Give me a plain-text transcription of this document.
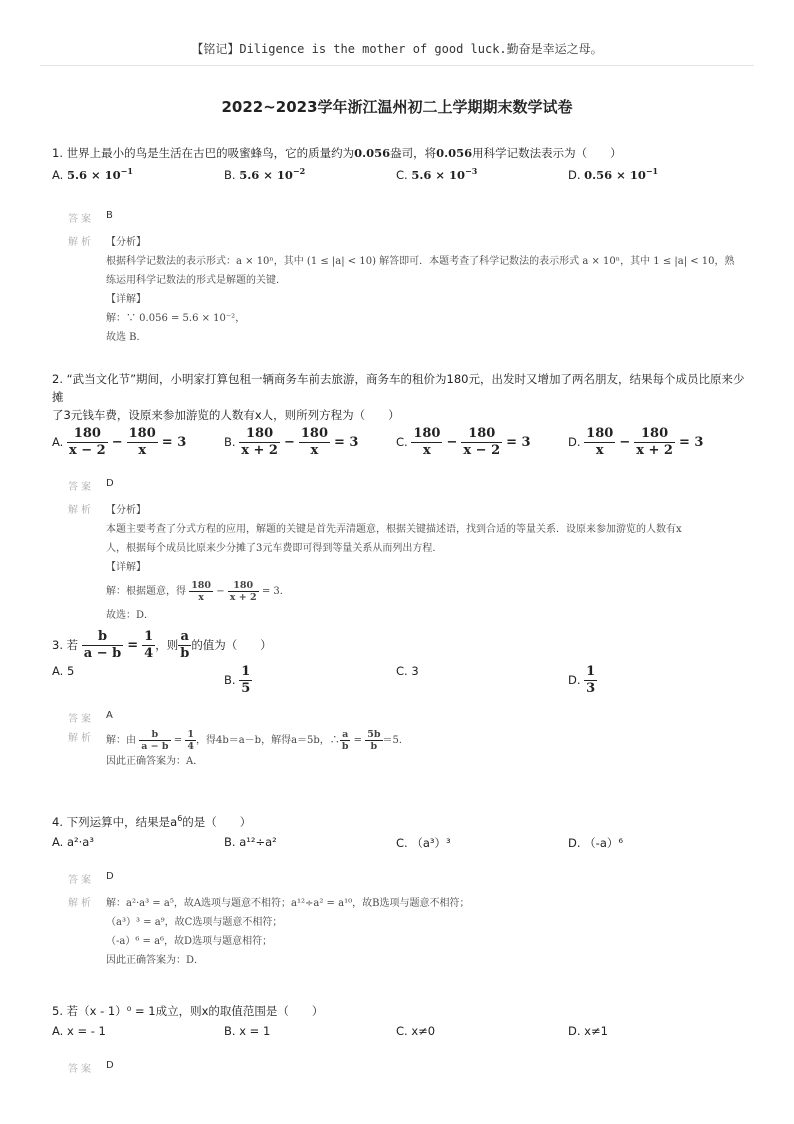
【铭记】Diligence is the mother of good luck.勤奋是幸运之母。
2022~2023学年浙江温州初二上学期期末数学试卷
1. 世界上最小的鸟是生活在古巴的吸蜜蜂鸟，它的质量约为0.056盎司，将0.056用科学记数法表示为（　　）
A. $5.6 \times 10^{-1}$	B. $5.6 \times 10^{-2}$	C. $5.6 \times 10^{-3}$	D. $0.56 \times 10^{-1}$
答案 B
解析 【分析】
根据科学记数法的表示形式：a × 10ⁿ，其中 (1 ≤ |a| < 10) 解答即可．本题考查了科学记数法的表示形式 a × 10ⁿ，其中 1 ≤ |a| < 10，熟
练运用科学记数法的形式是解题的关键．
【详解】
解：∵ 0.056 = 5.6 × 10⁻²，
故选 B．
2. “武当文化节”期间，小明家打算包租一辆商务车前去旅游，商务车的租价为180元，出发时又增加了两名朋友，结果每个成员比原来少摊
了3元钱车费，设原来参加游览的人数有x人，则所列方程为（　　）
A. $\frac{180}{x - 2} - \frac{180}{x} = 3$	B. $\frac{180}{x + 2} - \frac{180}{x} = 3$	C. $\frac{180}{x} - \frac{180}{x - 2} = 3$	D. $\frac{180}{x} - \frac{180}{x + 2} = 3$
答案 D
解析 【分析】
本题主要考查了分式方程的应用，解题的关键是首先弄清题意，根据关键描述语，找到合适的等量关系．设原来参加游览的人数有x
人，根据每个成员比原来少分摊了3元车费即可得到等量关系从而列出方程．
【详解】
解：根据题意，得 $\frac{180}{x} - \frac{180}{x + 2} = 3$．
故选：D．
3. 若 $\frac{b}{a - b} = \frac{1}{4}$ ，则 $\frac{a}{b}$ 的值为（　　）
A. 5
B. $\frac{1}{5}$	C. 3
D. $\frac{1}{3}$
答案 A
解析 解：由 $\frac{b}{a - b} = \frac{1}{4}$ ，得4b＝a－b，解得a＝5b，∴ $\frac{a}{b} = \frac{5b}{b} =5$．
因此正确答案为：A．
4. 下列运算中，结果是$a^6$的是（　　）
A. a²·a³	B. a¹²÷a²	C. （a³）³	D. （-a）⁶
答案 D
解析 解：a²·a³ = a⁵，故A选项与题意不相符；a¹²÷a² = a¹⁰，故B选项与题意不相符；
（a³）³ = a⁹，故C选项与题意不相符；
（-a）⁶ = a⁶，故D选项与题意相符；
因此正确答案为：D．
5. 若（x - 1）⁰ = 1成立，则x的取值范围是（　　）
A. x = - 1	B. x = 1	C. x≠0	D. x≠1
答案 D
